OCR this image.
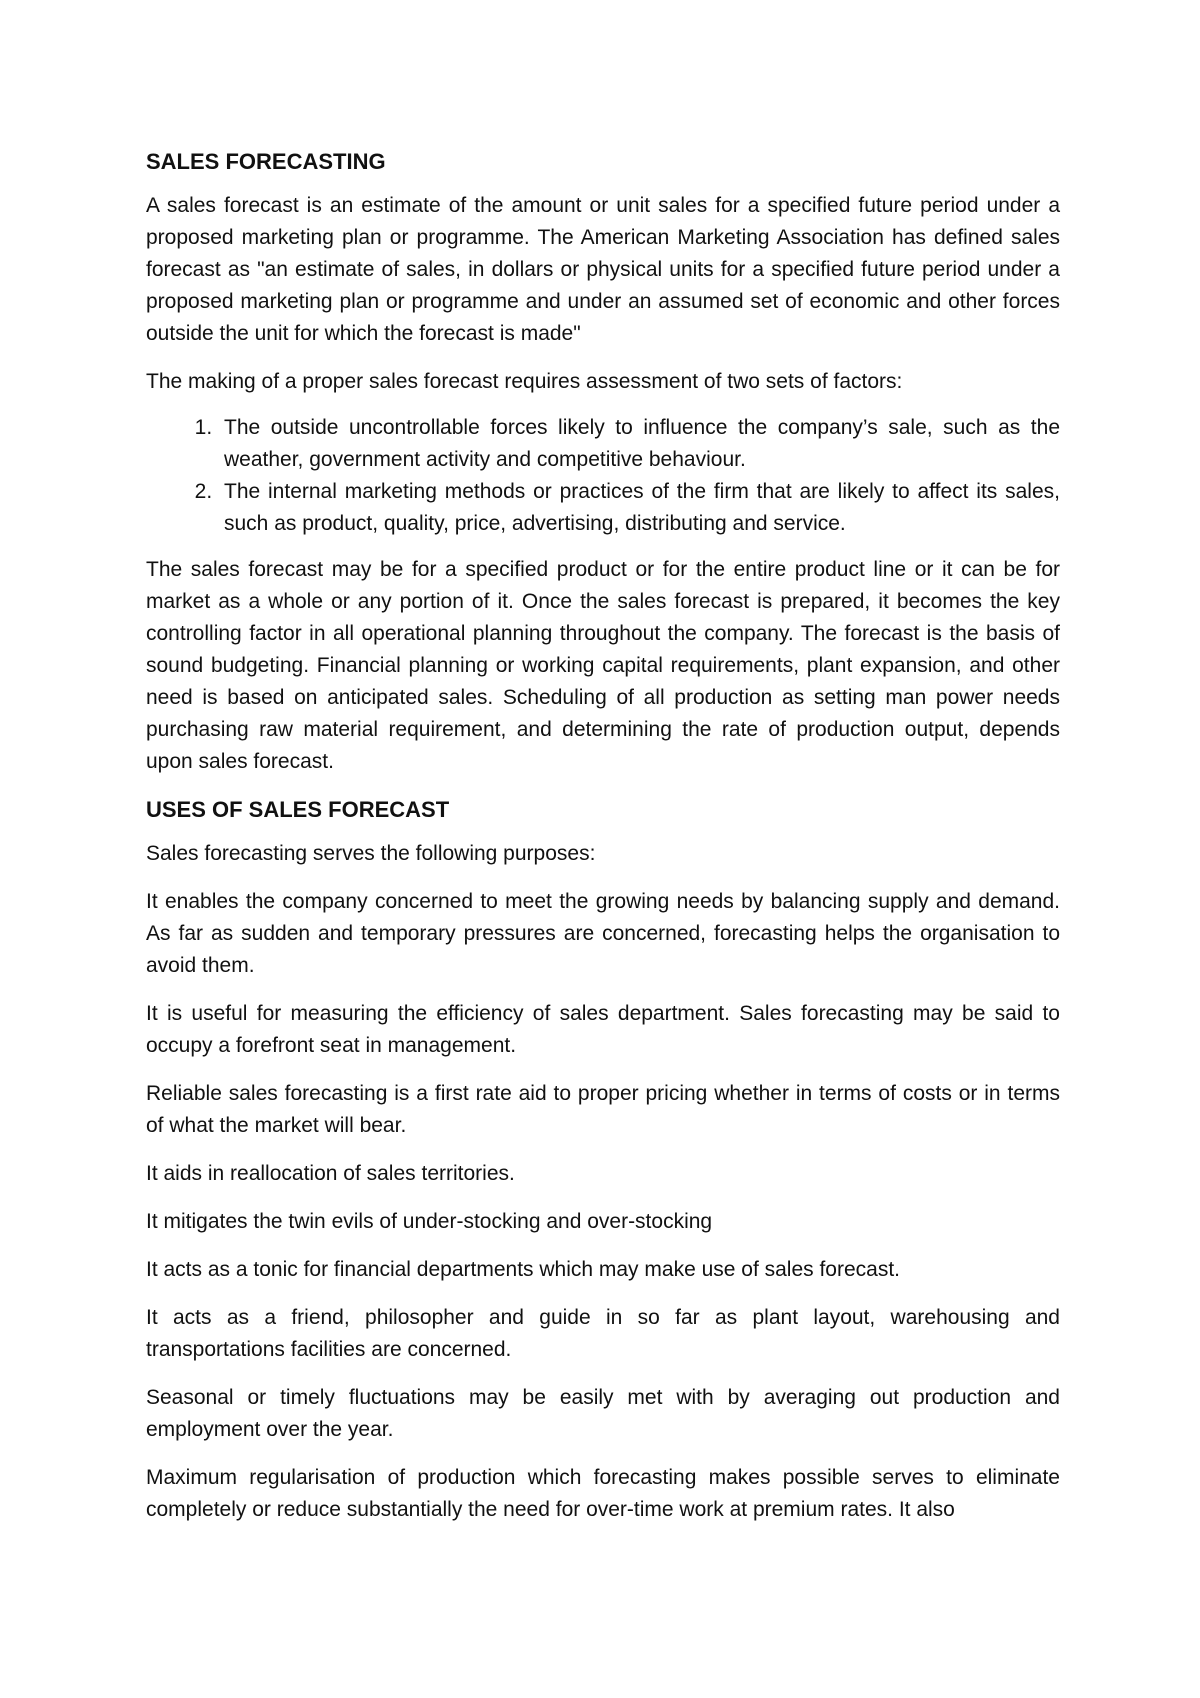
SALES FORECASTING

A sales forecast is an estimate of the amount or unit sales for a specified future period under a proposed marketing plan or programme. The American Marketing Association has defined sales forecast as "an estimate of sales, in dollars or physical units for a specified future period under a proposed marketing plan or programme and under an assumed set of economic and other forces outside the unit for which the forecast is made"

The making of a proper sales forecast requires assessment of two sets of factors:

1. The outside uncontrollable forces likely to influence the company’s sale, such as the weather, government activity and competitive behaviour.
2. The internal marketing methods or practices of the firm that are likely to affect its sales, such as product, quality, price, advertising, distributing and service.

The sales forecast may be for a specified product or for the entire product line or it can be for market as a whole or any portion of it. Once the sales forecast is prepared, it becomes the key controlling factor in all operational planning throughout the company. The forecast is the basis of sound budgeting. Financial planning or working capital requirements, plant expansion, and other need is based on anticipated sales. Scheduling of all production as setting man power needs purchasing raw material requirement, and determining the rate of production output, depends upon sales forecast.

USES OF SALES FORECAST

Sales forecasting serves the following purposes:

It enables the company concerned to meet the growing needs by balancing supply and demand. As far as sudden and temporary pressures are concerned, forecasting helps the organisation to avoid them.

It is useful for measuring the efficiency of sales department. Sales forecasting may be said to occupy a forefront seat in management.

Reliable sales forecasting is a first rate aid to proper pricing whether in terms of costs or in terms of what the market will bear.

It aids in reallocation of sales territories.

It mitigates the twin evils of under-stocking and over-stocking

It acts as a tonic for financial departments which may make use of sales forecast.

It acts as a friend, philosopher and guide in so far as plant layout, warehousing and transportations facilities are concerned.

Seasonal or timely fluctuations may be easily met with by averaging out production and employment over the year.

Maximum regularisation of production which forecasting makes possible serves to eliminate completely or reduce substantially the need for over-time work at premium rates. It also
